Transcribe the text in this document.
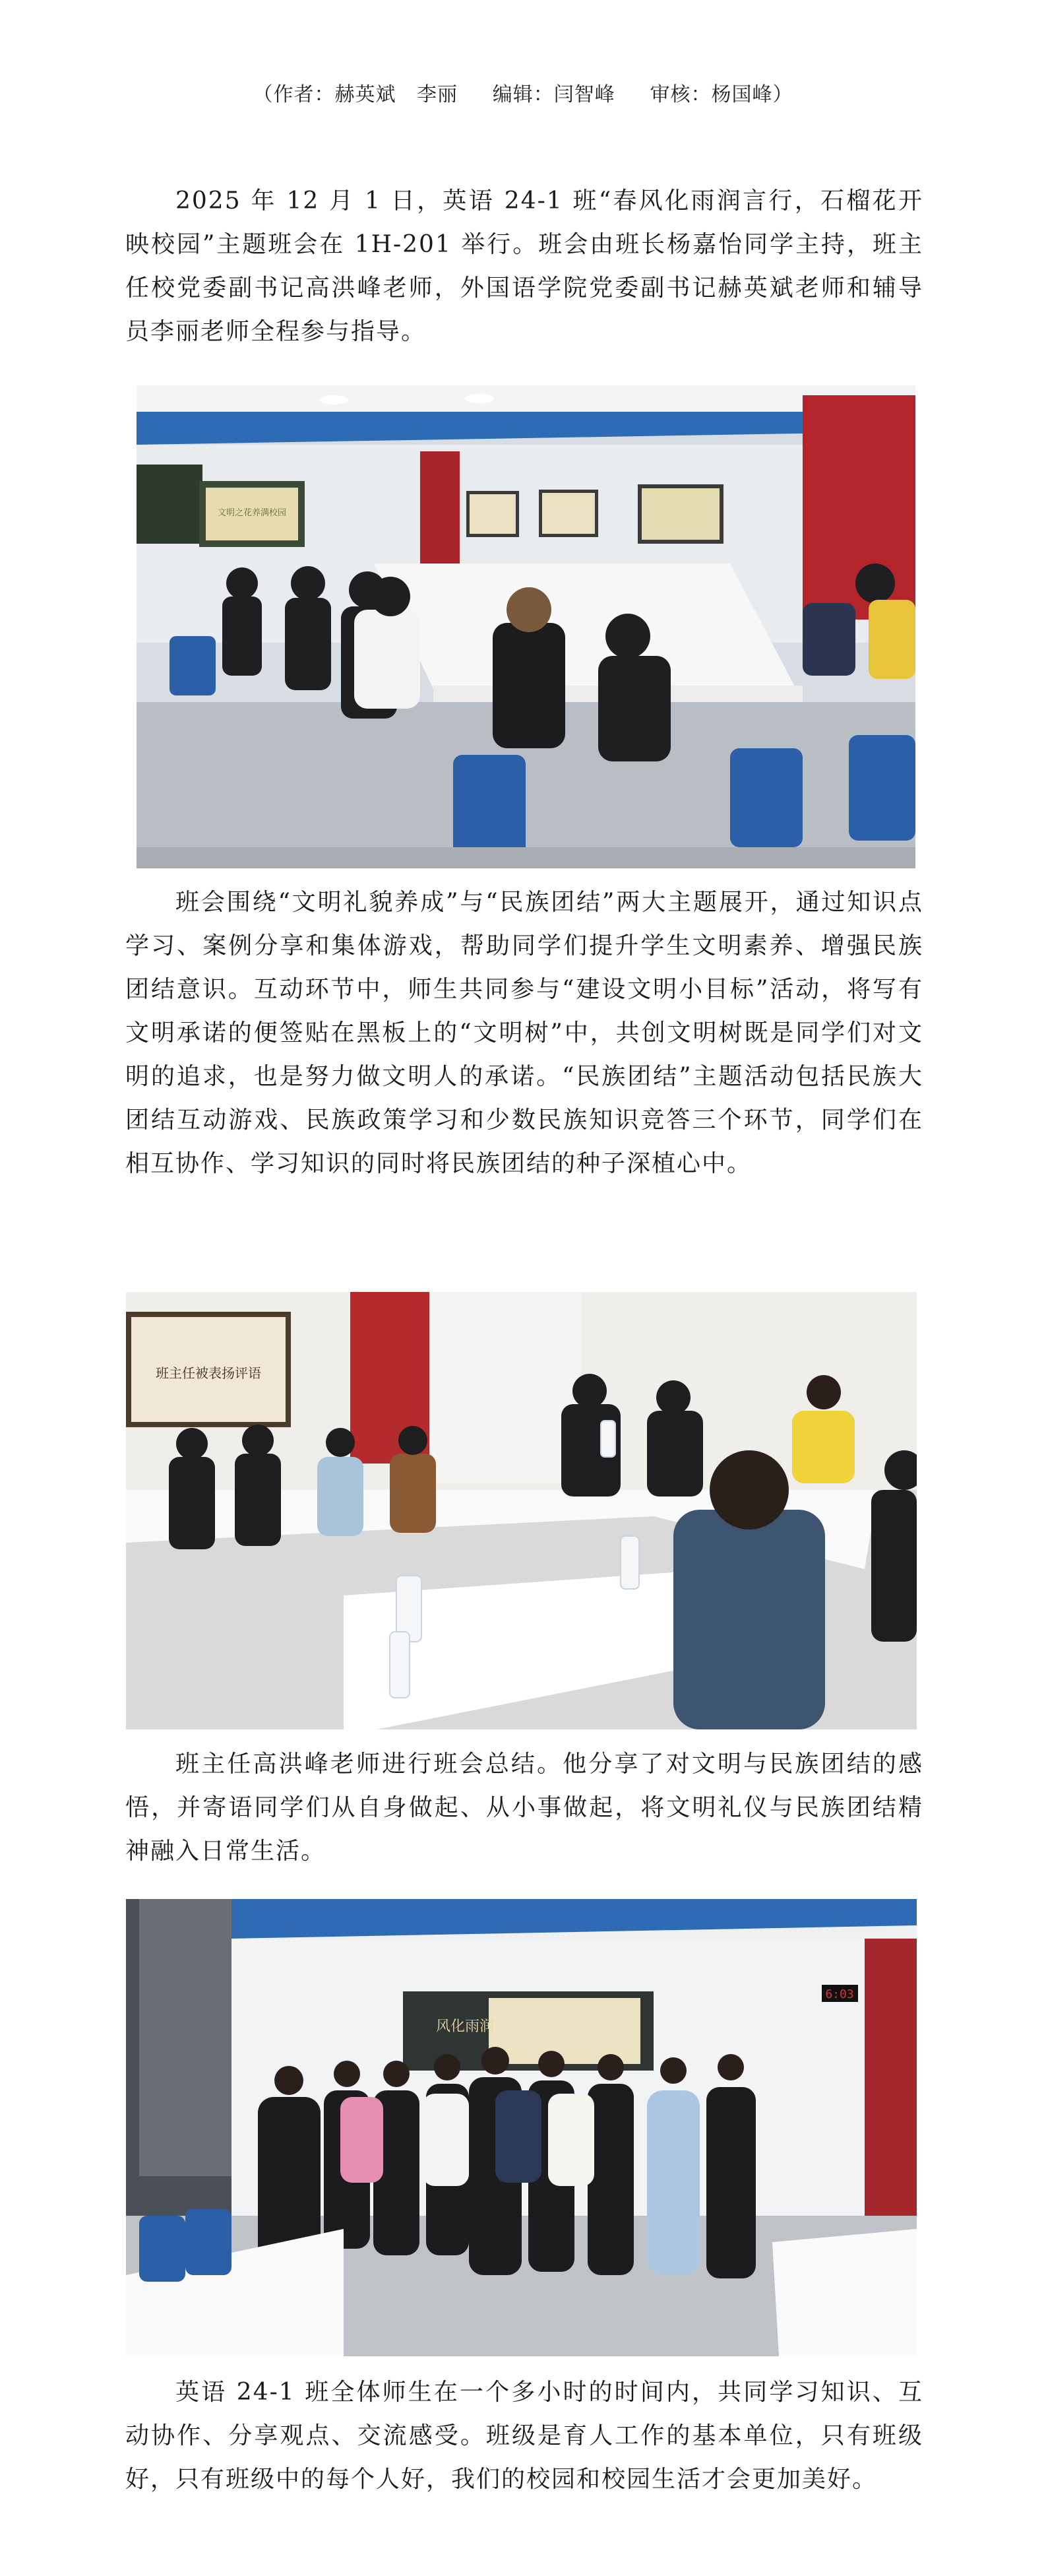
（作者：赫英斌   李丽     编辑：闫智峰     审核：杨国峰）

2025 年 12 月 1 日，英语 24-1 班“春风化雨润言行，石榴花开映校园”主题班会在 1H-201 举行。班会由班长杨嘉怡同学主持，班主任校党委副书记高洪峰老师，外国语学院党委副书记赫英斌老师和辅导员李丽老师全程参与指导。

文明之花养满校园

班会围绕“文明礼貌养成”与“民族团结”两大主题展开，通过知识点学习、案例分享和集体游戏，帮助同学们提升学生文明素养、增强民族团结意识。互动环节中，师生共同参与“建设文明小目标”活动，将写有文明承诺的便签贴在黑板上的“文明树”中，共创文明树既是同学们对文明的追求，也是努力做文明人的承诺。“民族团结”主题活动包括民族大团结互动游戏、民族政策学习和少数民族知识竞答三个环节，同学们在相互协作、学习知识的同时将民族团结的种子深植心中。

班主任被表扬评语

班主任高洪峰老师进行班会总结。他分享了对文明与民族团结的感悟，并寄语同学们从自身做起、从小事做起，将文明礼仪与民族团结精神融入日常生活。

风化雨润
6:03

英语 24-1 班全体师生在一个多小时的时间内，共同学习知识、互动协作、分享观点、交流感受。班级是育人工作的基本单位，只有班级好，只有班级中的每个人好，我们的校园和校园生活才会更加美好。
